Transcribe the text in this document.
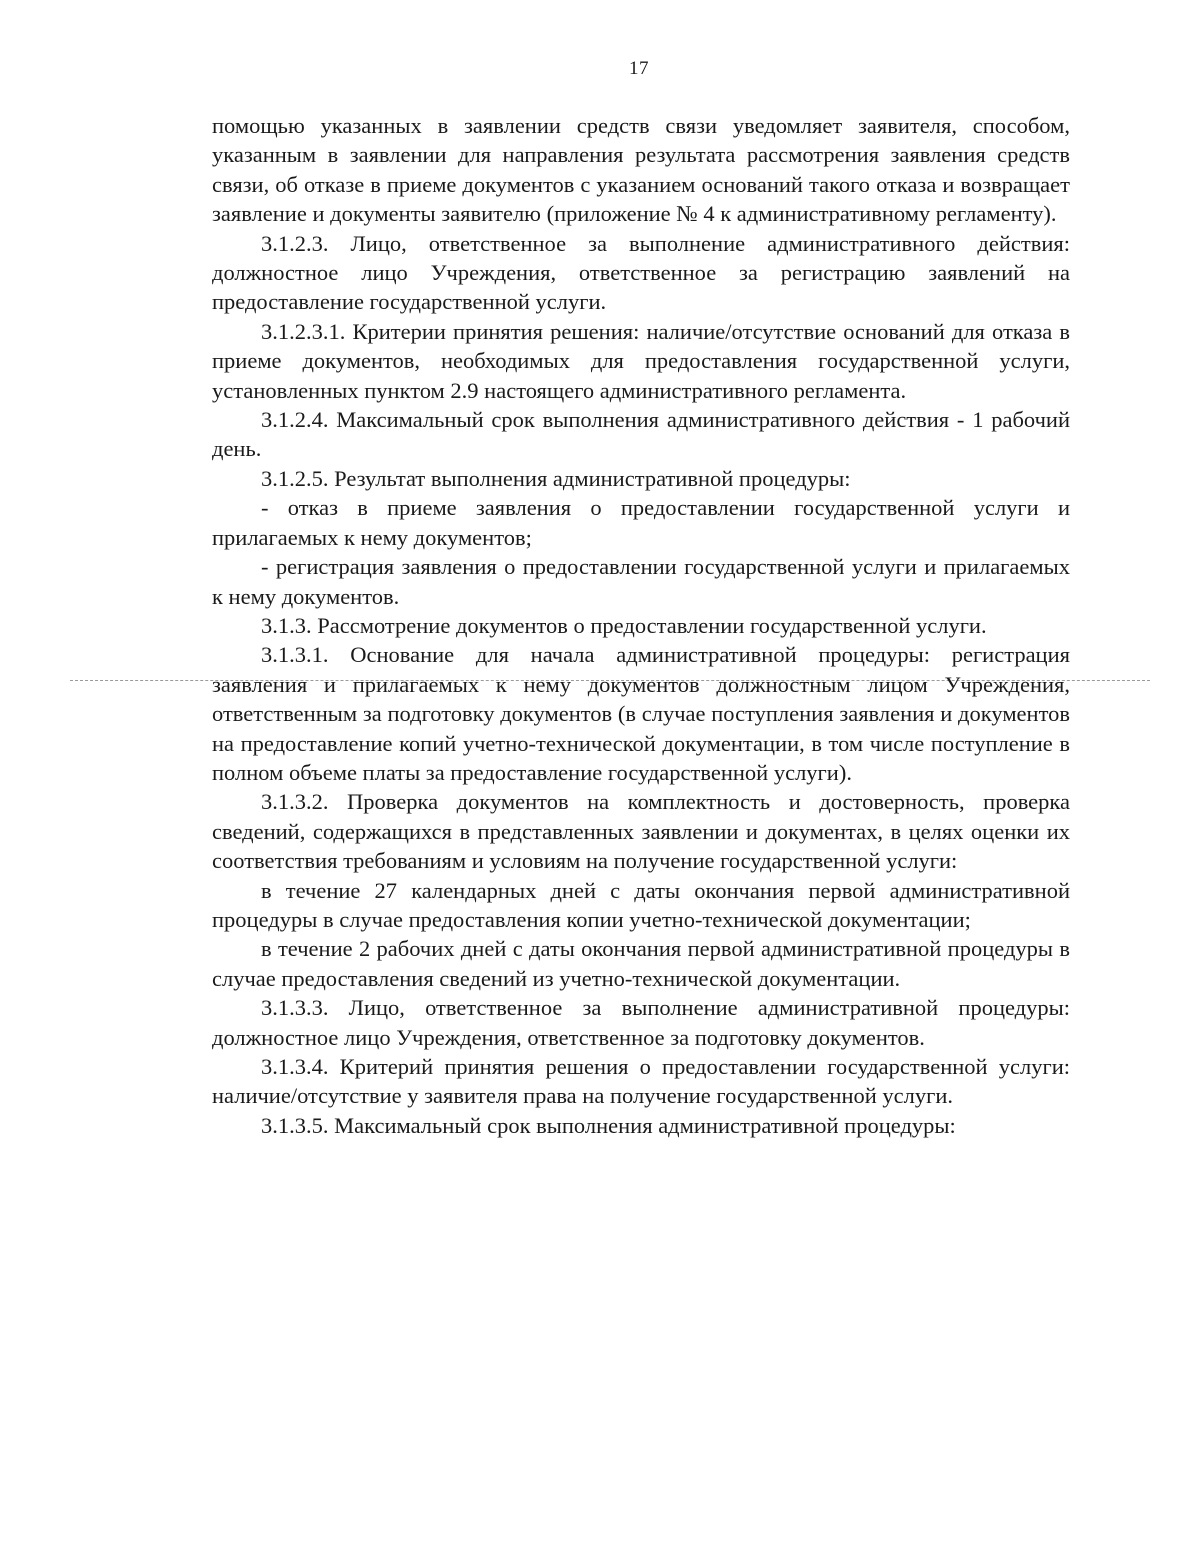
17

помощью указанных в заявлении средств связи уведомляет заявителя, способом, указанным в заявлении для направления результата рассмотрения заявления средств связи, об отказе в приеме документов с указанием оснований такого отказа и возвращает заявление и документы заявителю (приложение № 4 к административному регламенту).

3.1.2.3. Лицо, ответственное за выполнение административного действия: должностное лицо Учреждения, ответственное за регистрацию заявлений на предоставление государственной услуги.

3.1.2.3.1. Критерии принятия решения: наличие/отсутствие оснований для отказа в приеме документов, необходимых для предоставления государственной услуги, установленных пунктом 2.9 настоящего административного регламента.

3.1.2.4. Максимальный срок выполнения административного действия - 1 рабочий день.

3.1.2.5. Результат выполнения административной процедуры:

- отказ в приеме заявления о предоставлении государственной услуги и прилагаемых к нему документов;

- регистрация заявления о предоставлении государственной услуги и прилагаемых к нему документов.

3.1.3. Рассмотрение документов о предоставлении государственной услуги.

3.1.3.1. Основание для начала административной процедуры: регистрация заявления и прилагаемых к нему документов должностным лицом Учреждения, ответственным за подготовку документов (в случае поступления заявления и документов на предоставление копий учетно-технической документации, в том числе поступление в полном объеме платы за предоставление государственной услуги).

3.1.3.2. Проверка документов на комплектность и достоверность, проверка сведений, содержащихся в представленных заявлении и документах, в целях оценки их соответствия требованиям и условиям на получение государственной услуги:

в течение 27 календарных дней с даты окончания первой административной процедуры в случае предоставления копии учетно-технической документации;

в течение 2 рабочих дней с даты окончания первой административной процедуры в случае предоставления сведений из учетно-технической документации.

3.1.3.3. Лицо, ответственное за выполнение административной процедуры: должностное лицо Учреждения, ответственное за подготовку документов.

3.1.3.4. Критерий принятия решения о предоставлении государственной услуги: наличие/отсутствие у заявителя права на получение государственной услуги.

3.1.3.5. Максимальный срок выполнения административной процедуры:
